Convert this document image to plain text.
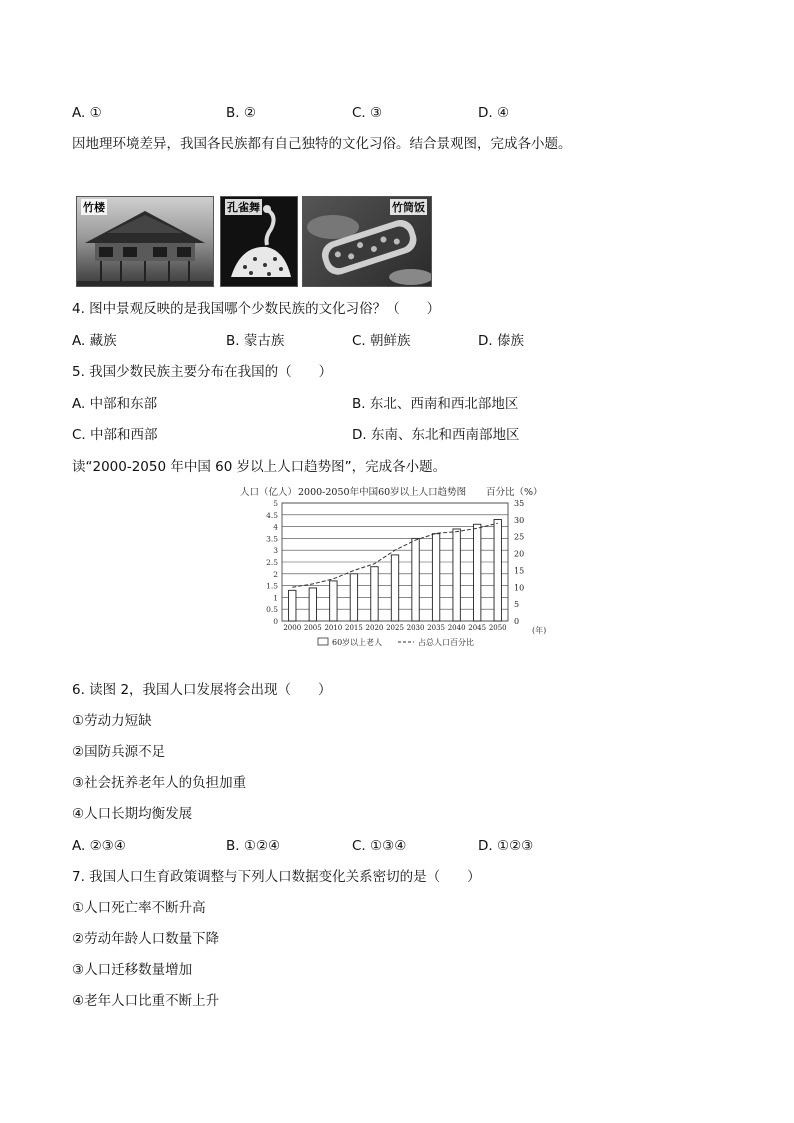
A. ①	B. ②	C. ③	D. ④
因地理环境差异，我国各民族都有自己独特的文化习俗。结合景观图，完成各小题。
竹楼	孔雀舞	竹筒饭
4. 图中景观反映的是我国哪个少数民族的文化习俗？（　　）
A. 藏族	B. 蒙古族	C. 朝鲜族	D. 傣族
5. 我国少数民族主要分布在我国的（　　）
A. 中部和东部	B. 东北、西南和西北部地区
C. 中部和西部	D. 东南、东北和西南部地区
读“2000-2050 年中国 60 岁以上人口趋势图”，完成各小题。
人口（亿人） 2000-2050年中国60岁以上人口趋势图 百分比（%）
(年)
0
0.5
1
1.5
2
2.5
3
3.5
4
4.5
5
0
5
10
15
20
25
30
35
2000 2005 2010 2015 2020 2025 2030 2035 2040 2045 2050
60岁以上老人	占总人口百分比
6. 读图 2，我国人口发展将会出现（　　）
①劳动力短缺
②国防兵源不足
③社会抚养老年人的负担加重
④人口长期均衡发展
A. ②③④	B. ①②④	C. ①③④	D. ①②③
7. 我国人口生育政策调整与下列人口数据变化关系密切的是（　　）
①人口死亡率不断升高
②劳动年龄人口数量下降
③人口迁移数量增加
④老年人口比重不断上升
